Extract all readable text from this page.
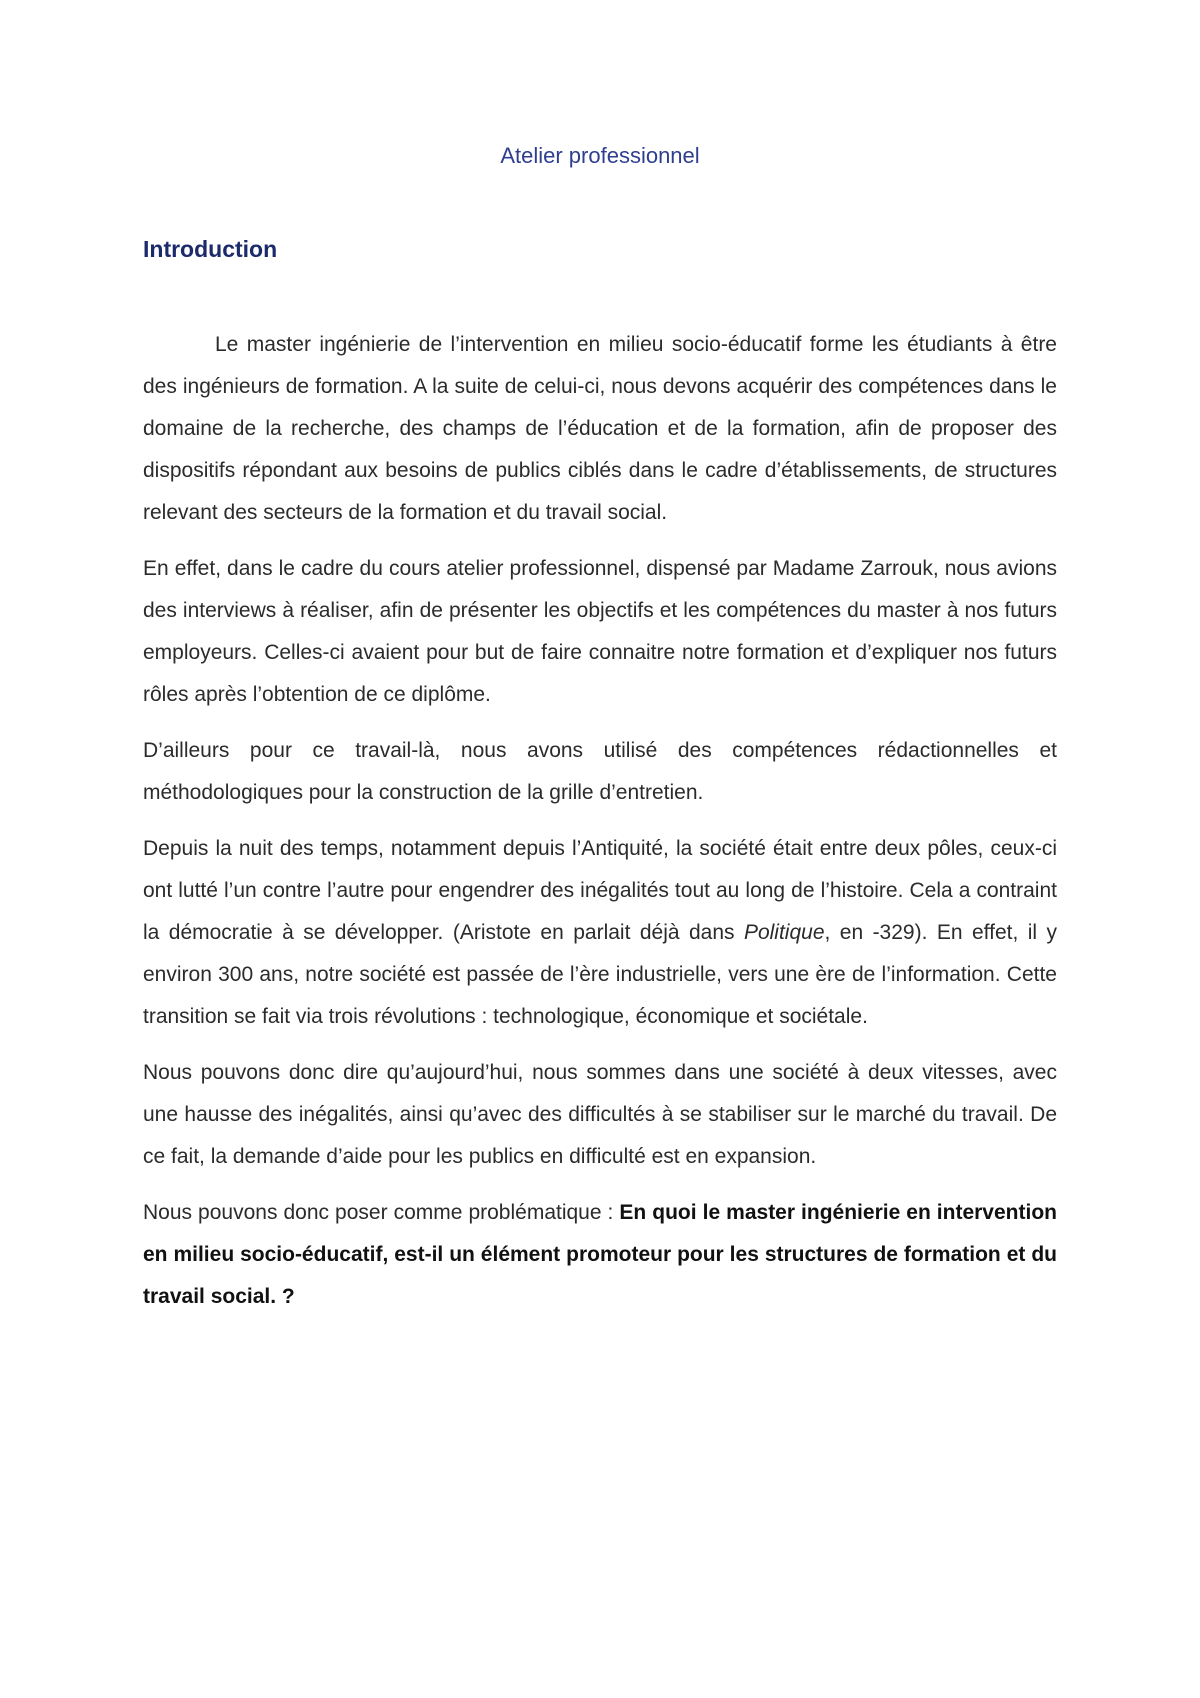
Atelier professionnel
Introduction

Le master ingénierie de l’intervention en milieu socio-éducatif forme les étudiants à être des ingénieurs de formation. A la suite de celui-ci, nous devons acquérir des compétences dans le domaine de la recherche, des champs de l’éducation et de la formation, afin de proposer des dispositifs répondant aux besoins de publics ciblés dans le cadre d’établissements, de structures relevant des secteurs de la formation et du travail social.

En effet, dans le cadre du cours atelier professionnel, dispensé par Madame Zarrouk, nous avions des interviews à réaliser, afin de présenter les objectifs et les compétences du master à nos futurs employeurs. Celles-ci avaient pour but de faire connaitre notre formation et d’expliquer nos futurs rôles après l’obtention de ce diplôme.

D’ailleurs pour ce travail-là, nous avons utilisé des compétences rédactionnelles et méthodologiques pour la construction de la grille d’entretien.

Depuis la nuit des temps, notamment depuis l’Antiquité, la société était entre deux pôles, ceux-ci ont lutté l’un contre l’autre pour engendrer des inégalités tout au long de l’histoire. Cela a contraint la démocratie à se développer. (Aristote en parlait déjà dans Politique, en -329). En effet, il y environ 300 ans, notre société est passée de l’ère industrielle, vers une ère de l’information. Cette transition se fait via trois révolutions : technologique, économique et sociétale.

Nous pouvons donc dire qu’aujourd’hui, nous sommes dans une société à deux vitesses, avec une hausse des inégalités, ainsi qu’avec des difficultés à se stabiliser sur le marché du travail. De ce fait, la demande d’aide pour les publics en difficulté est en expansion.

Nous pouvons donc poser comme problématique : En quoi le master ingénierie en intervention en milieu socio-éducatif, est-il un élément promoteur pour les structures de formation et du travail social. ?
